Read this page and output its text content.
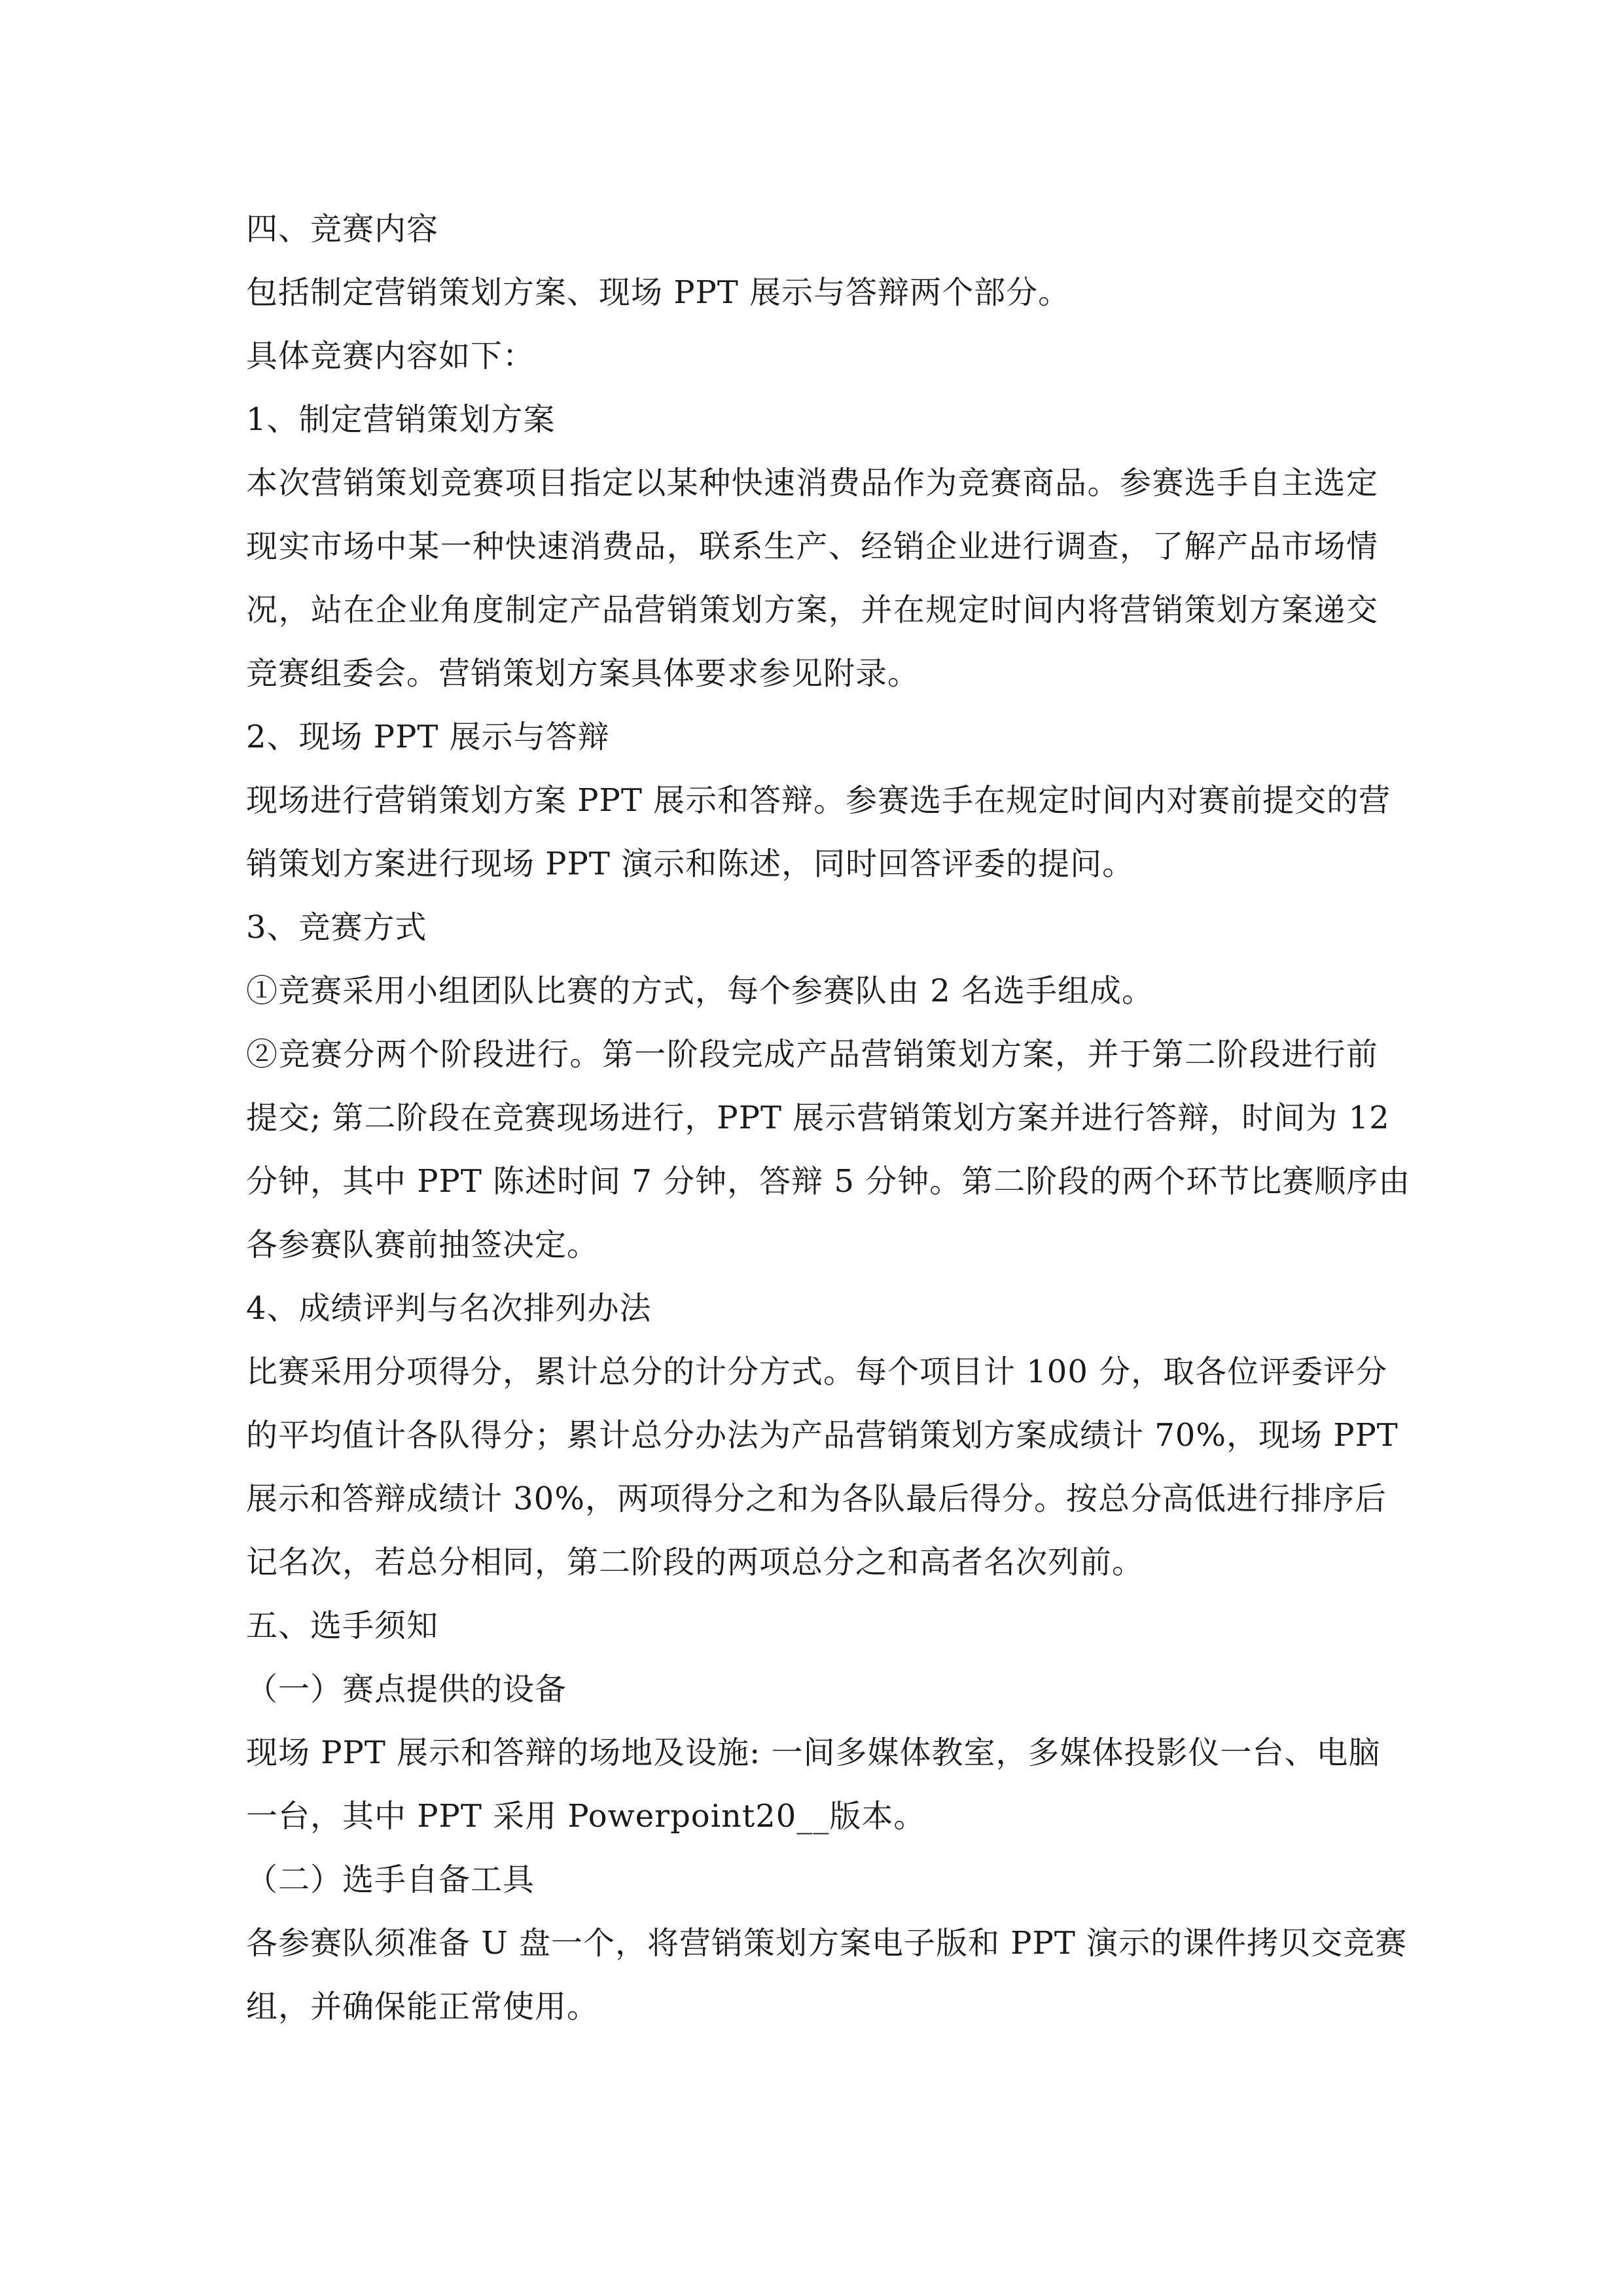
四、竞赛内容
包括制定营销策划方案、现场 PPT 展示与答辩两个部分。
具体竞赛内容如下：
1、制定营销策划方案
本次营销策划竞赛项目指定以某种快速消费品作为竞赛商品。参赛选手自主选定
现实市场中某一种快速消费品，联系生产、经销企业进行调查，了解产品市场情
况，站在企业角度制定产品营销策划方案，并在规定时间内将营销策划方案递交
竞赛组委会。营销策划方案具体要求参见附录。
2、现场 PPT 展示与答辩
现场进行营销策划方案 PPT 展示和答辩。参赛选手在规定时间内对赛前提交的营
销策划方案进行现场 PPT 演示和陈述，同时回答评委的提问。
3、竞赛方式
①竞赛采用小组团队比赛的方式，每个参赛队由 2 名选手组成。
②竞赛分两个阶段进行。第一阶段完成产品营销策划方案，并于第二阶段进行前
提交; 第二阶段在竞赛现场进行，PPT 展示营销策划方案并进行答辩，时间为 12
分钟，其中 PPT 陈述时间 7 分钟，答辩 5 分钟。第二阶段的两个环节比赛顺序由
各参赛队赛前抽签决定。
4、成绩评判与名次排列办法
比赛采用分项得分，累计总分的计分方式。每个项目计 100 分，取各位评委评分
的平均值计各队得分；累计总分办法为产品营销策划方案成绩计 70%，现场 PPT
展示和答辩成绩计 30%，两项得分之和为各队最后得分。按总分高低进行排序后
记名次，若总分相同，第二阶段的两项总分之和高者名次列前。
五、选手须知
（一）赛点提供的设备
现场 PPT 展示和答辩的场地及设施: 一间多媒体教室，多媒体投影仪一台、电脑
一台，其中 PPT 采用 Powerpoint20__版本。
（二）选手自备工具
各参赛队须准备 U 盘一个，将营销策划方案电子版和 PPT 演示的课件拷贝交竞赛
组，并确保能正常使用。
